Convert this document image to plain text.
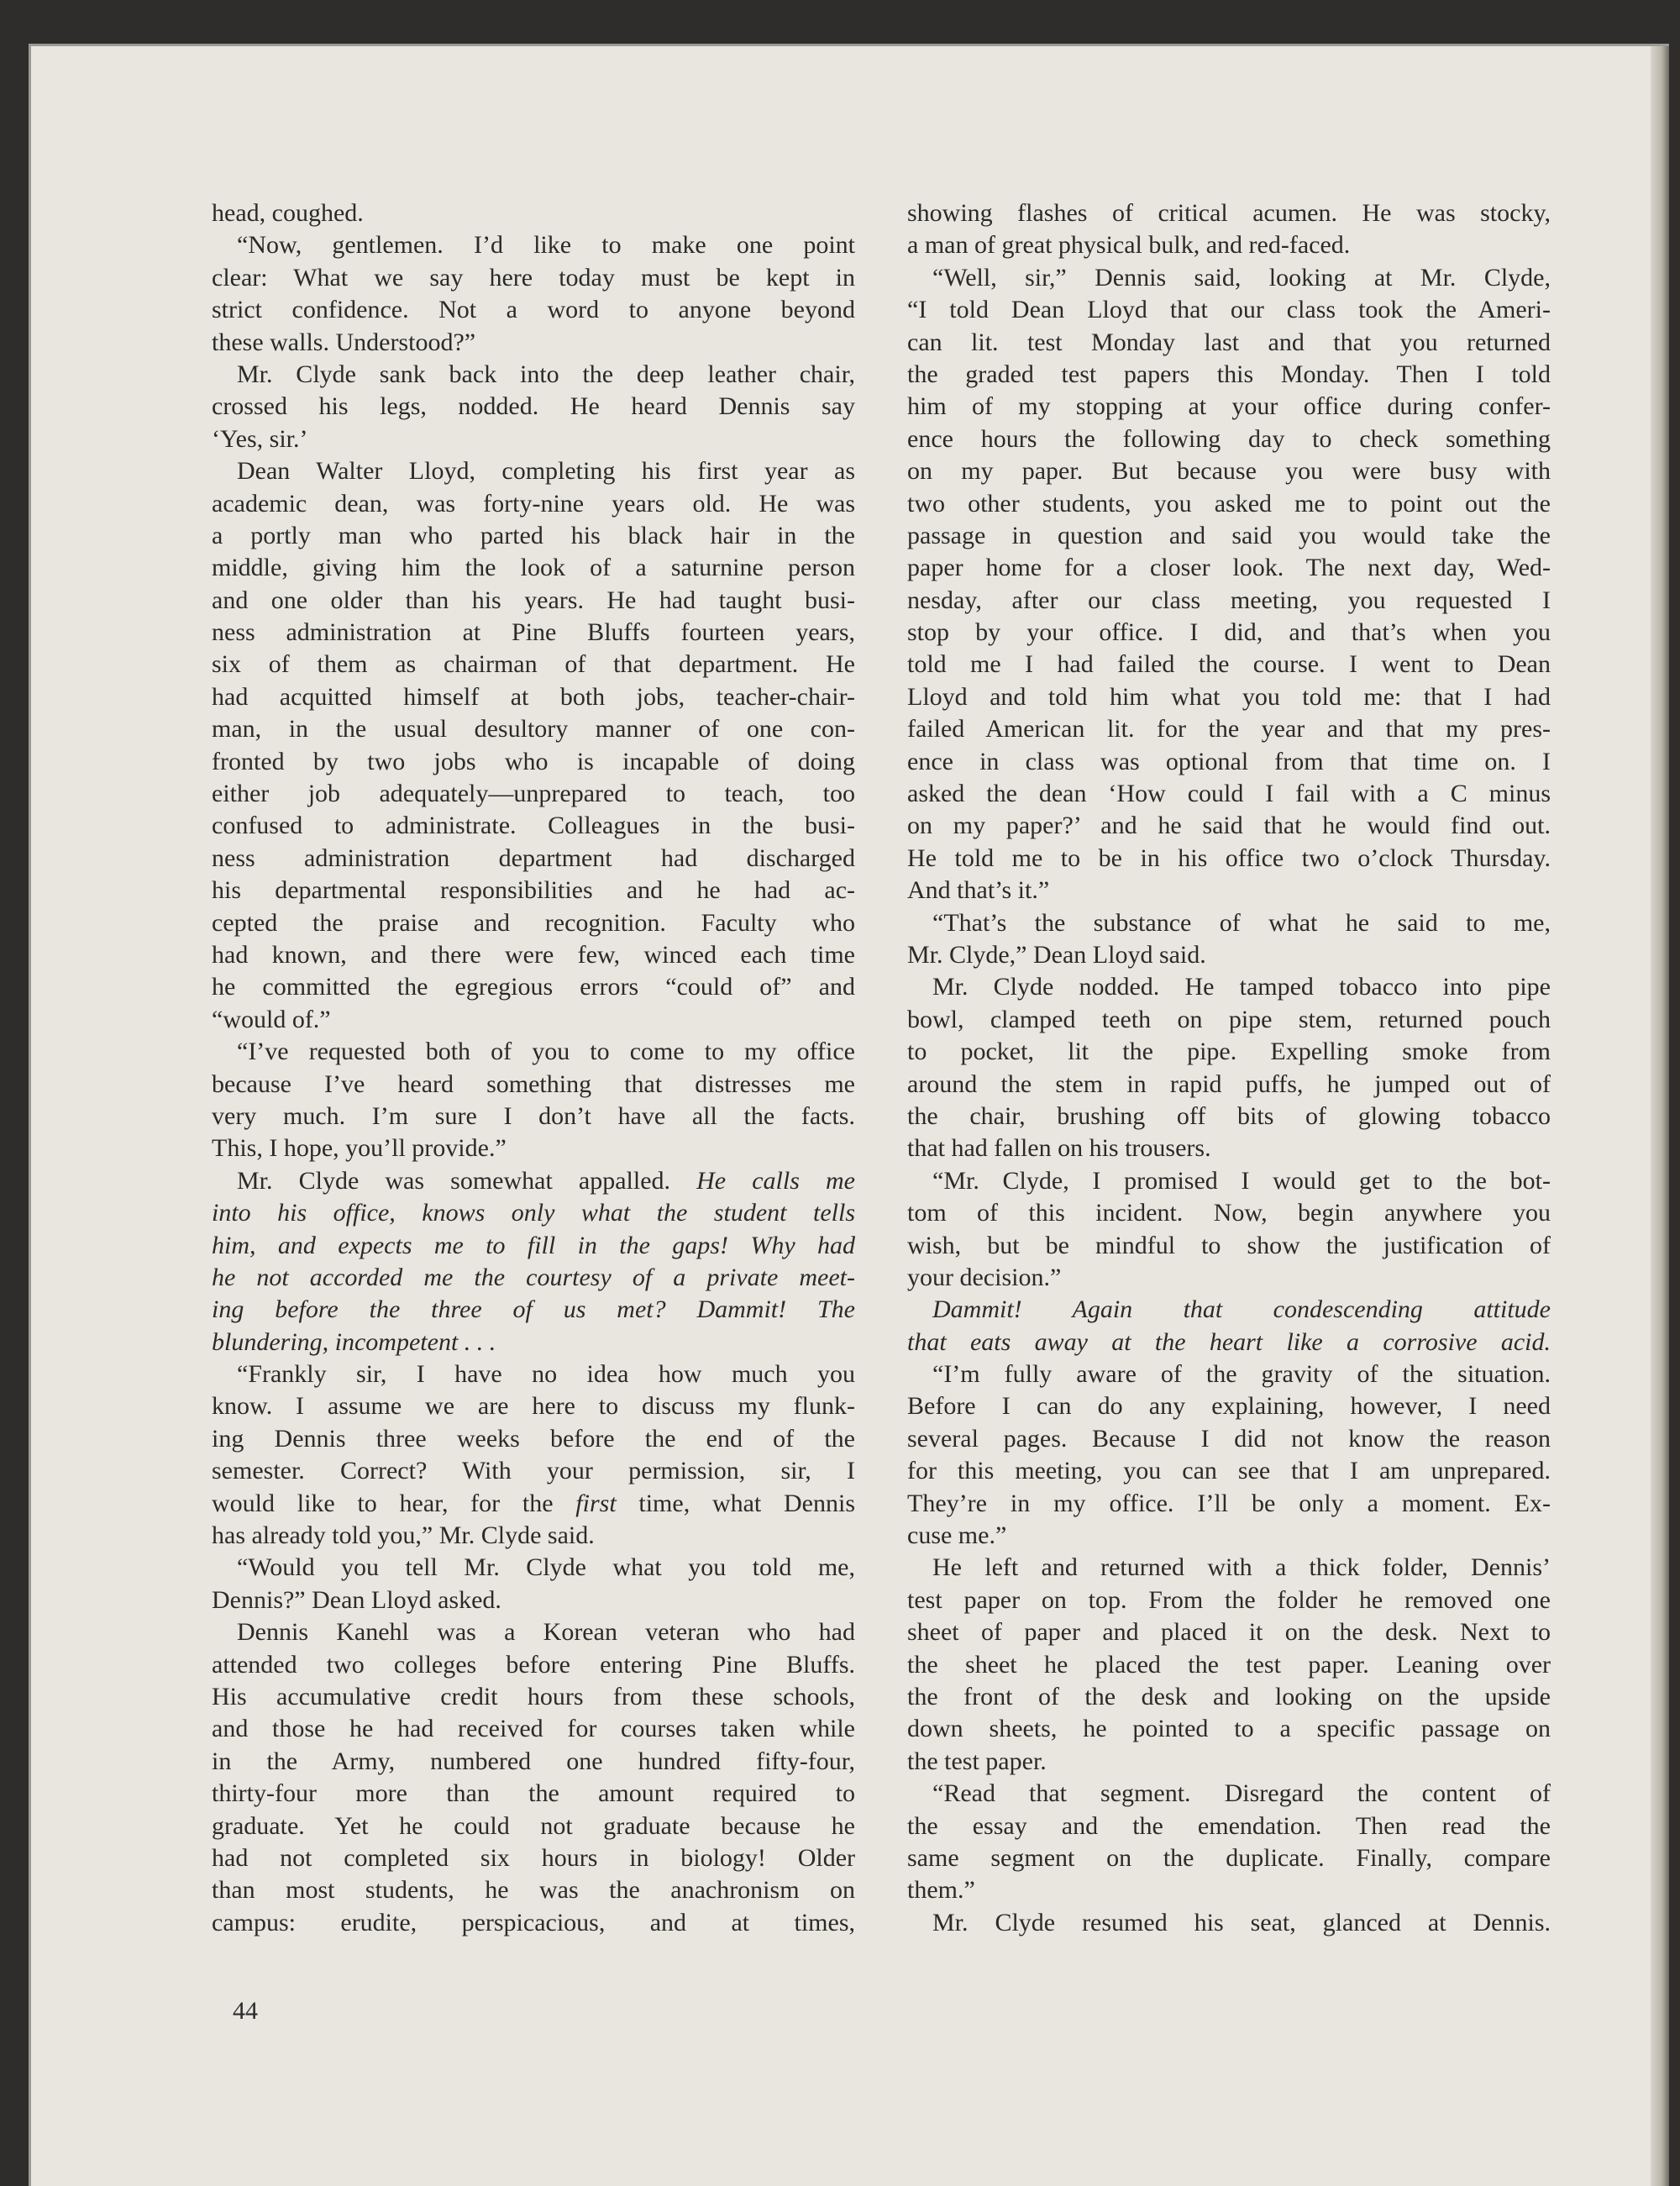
head, coughed.
“Now, gentlemen. I’d like to make one point
clear: What we say here today must be kept in
strict confidence. Not a word to anyone beyond
these walls. Understood?”
Mr. Clyde sank back into the deep leather chair,
crossed his legs, nodded. He heard Dennis say
‘Yes, sir.’
Dean Walter Lloyd, completing his first year as
academic dean, was forty-nine years old. He was
a portly man who parted his black hair in the
middle, giving him the look of a saturnine person
and one older than his years. He had taught busi-
ness administration at Pine Bluffs fourteen years,
six of them as chairman of that department. He
had acquitted himself at both jobs, teacher-chair-
man, in the usual desultory manner of one con-
fronted by two jobs who is incapable of doing
either job adequately—unprepared to teach, too
confused to administrate. Colleagues in the busi-
ness administration department had discharged
his departmental responsibilities and he had ac-
cepted the praise and recognition. Faculty who
had known, and there were few, winced each time
he committed the egregious errors “could of” and
“would of.”
“I’ve requested both of you to come to my office
because I’ve heard something that distresses me
very much. I’m sure I don’t have all the facts.
This, I hope, you’ll provide.”
Mr. Clyde was somewhat appalled. He calls me
into his office, knows only what the student tells
him, and expects me to fill in the gaps! Why had
he not accorded me the courtesy of a private meet-
ing before the three of us met? Dammit! The
blundering, incompetent . . .
“Frankly sir, I have no idea how much you
know. I assume we are here to discuss my flunk-
ing Dennis three weeks before the end of the
semester. Correct? With your permission, sir, I
would like to hear, for the first time, what Dennis
has already told you,” Mr. Clyde said.
“Would you tell Mr. Clyde what you told me,
Dennis?” Dean Lloyd asked.
Dennis Kanehl was a Korean veteran who had
attended two colleges before entering Pine Bluffs.
His accumulative credit hours from these schools,
and those he had received for courses taken while
in the Army, numbered one hundred fifty-four,
thirty-four more than the amount required to
graduate. Yet he could not graduate because he
had not completed six hours in biology! Older
than most students, he was the anachronism on
campus: erudite, perspicacious, and at times,
showing flashes of critical acumen. He was stocky,
a man of great physical bulk, and red-faced.
“Well, sir,” Dennis said, looking at Mr. Clyde,
“I told Dean Lloyd that our class took the Ameri-
can lit. test Monday last and that you returned
the graded test papers this Monday. Then I told
him of my stopping at your office during confer-
ence hours the following day to check something
on my paper. But because you were busy with
two other students, you asked me to point out the
passage in question and said you would take the
paper home for a closer look. The next day, Wed-
nesday, after our class meeting, you requested I
stop by your office. I did, and that’s when you
told me I had failed the course. I went to Dean
Lloyd and told him what you told me: that I had
failed American lit. for the year and that my pres-
ence in class was optional from that time on. I
asked the dean ‘How could I fail with a C minus
on my paper?’ and he said that he would find out.
He told me to be in his office two o’clock Thursday.
And that’s it.”
“That’s the substance of what he said to me,
Mr. Clyde,” Dean Lloyd said.
Mr. Clyde nodded. He tamped tobacco into pipe
bowl, clamped teeth on pipe stem, returned pouch
to pocket, lit the pipe. Expelling smoke from
around the stem in rapid puffs, he jumped out of
the chair, brushing off bits of glowing tobacco
that had fallen on his trousers.
“Mr. Clyde, I promised I would get to the bot-
tom of this incident. Now, begin anywhere you
wish, but be mindful to show the justification of
your decision.”
Dammit! Again that condescending attitude
that eats away at the heart like a corrosive acid.
“I’m fully aware of the gravity of the situation.
Before I can do any explaining, however, I need
several pages. Because I did not know the reason
for this meeting, you can see that I am unprepared.
They’re in my office. I’ll be only a moment. Ex-
cuse me.”
He left and returned with a thick folder, Dennis’
test paper on top. From the folder he removed one
sheet of paper and placed it on the desk. Next to
the sheet he placed the test paper. Leaning over
the front of the desk and looking on the upside
down sheets, he pointed to a specific passage on
the test paper.
“Read that segment. Disregard the content of
the essay and the emendation. Then read the
same segment on the duplicate. Finally, compare
them.”
Mr. Clyde resumed his seat, glanced at Dennis.
44
